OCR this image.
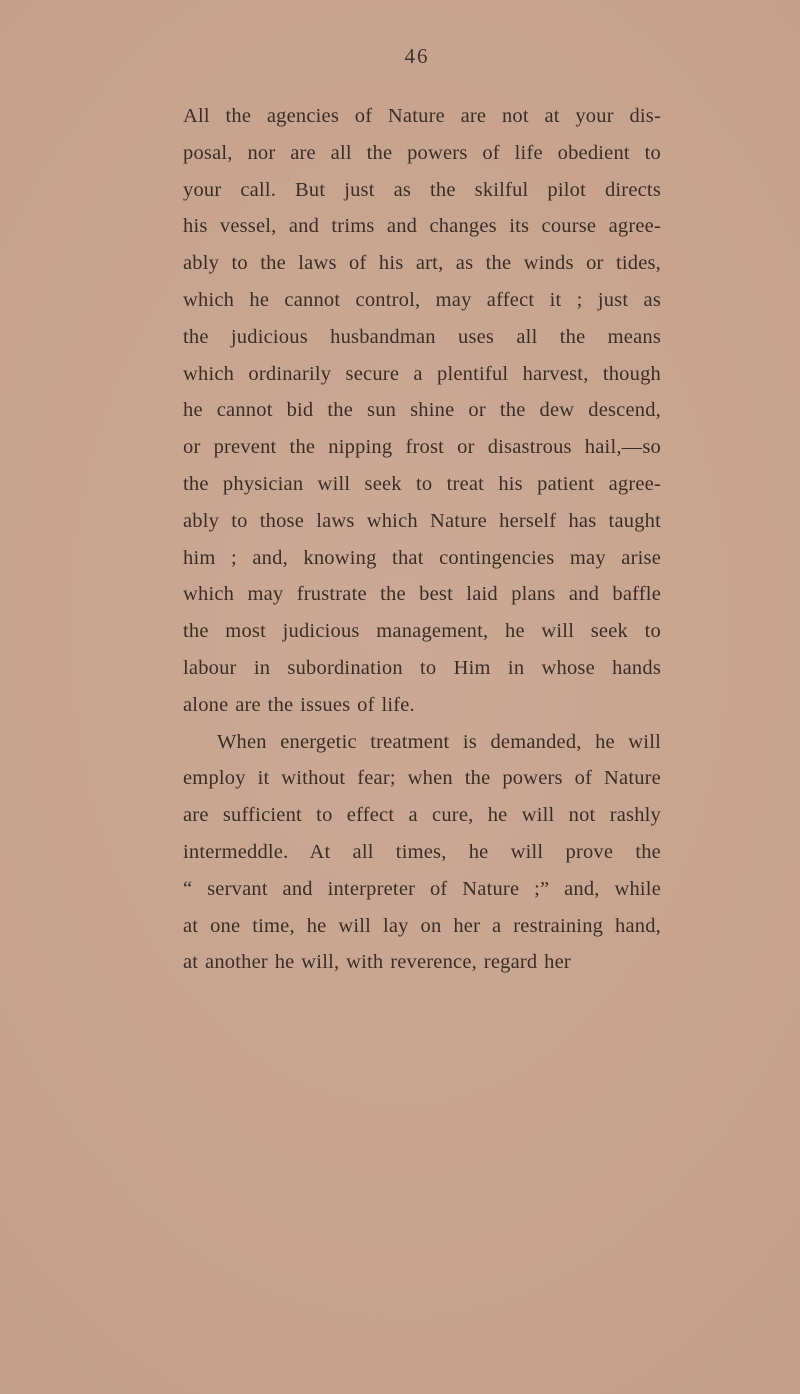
46
All the agencies of Nature are not at your dis-
posal, nor are all the powers of life obedient to
your call. But just as the skilful pilot directs
his vessel, and trims and changes its course agree-
ably to the laws of his art, as the winds or tides,
which he cannot control, may affect it ; just as
the judicious husbandman uses all the means
which ordinarily secure a plentiful harvest, though
he cannot bid the sun shine or the dew descend,
or prevent the nipping frost or disastrous hail,—so
the physician will seek to treat his patient agree-
ably to those laws which Nature herself has taught
him ; and, knowing that contingencies may arise
which may frustrate the best laid plans and baffle
the most judicious management, he will seek to
labour in subordination to Him in whose hands
alone are the issues of life.
When energetic treatment is demanded, he will
employ it without fear; when the powers of Nature
are sufficient to effect a cure, he will not rashly
intermeddle. At all times, he will prove the
“ servant and interpreter of Nature ;” and, while
at one time, he will lay on her a restraining hand,
at another he will, with reverence, regard her
